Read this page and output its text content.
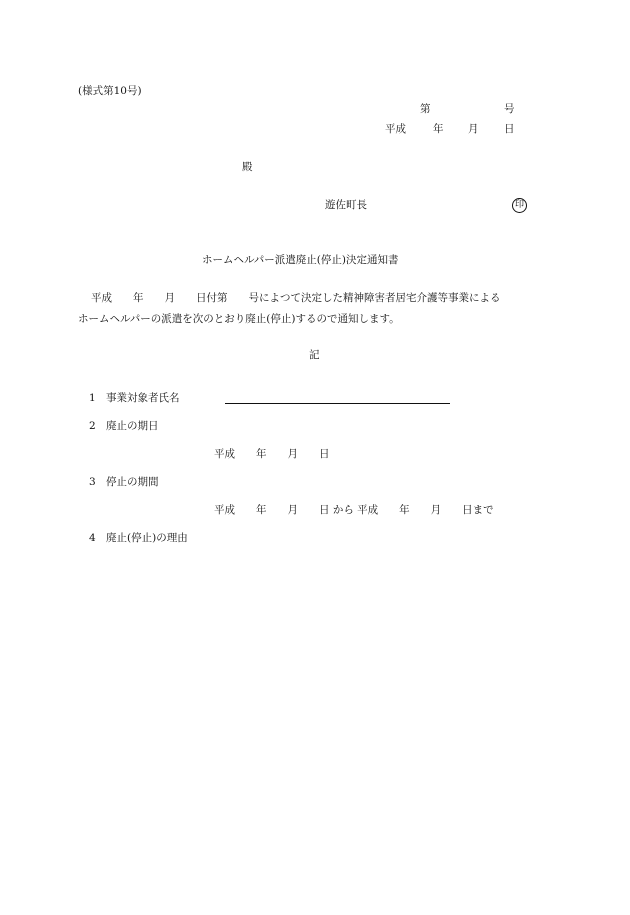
(様式第10号)
第	号
平成	年 月 日
殿
遊佐町長	印
ホームヘルパー派遣廃止(停止)決定通知書
平成　　年　　月　　日付第　　号によつて決定した精神障害者居宅介護等事業による
ホームヘルパーの派遣を次のとおり廃止(停止)するので通知します。
記
1 事業対象者氏名
2 廃止の期日
平成　　年　　月　　日
3 停止の期間
平成　　年　　月　　日 から 平成　　年　　月　　日まで
4 廃止(停止)の理由
